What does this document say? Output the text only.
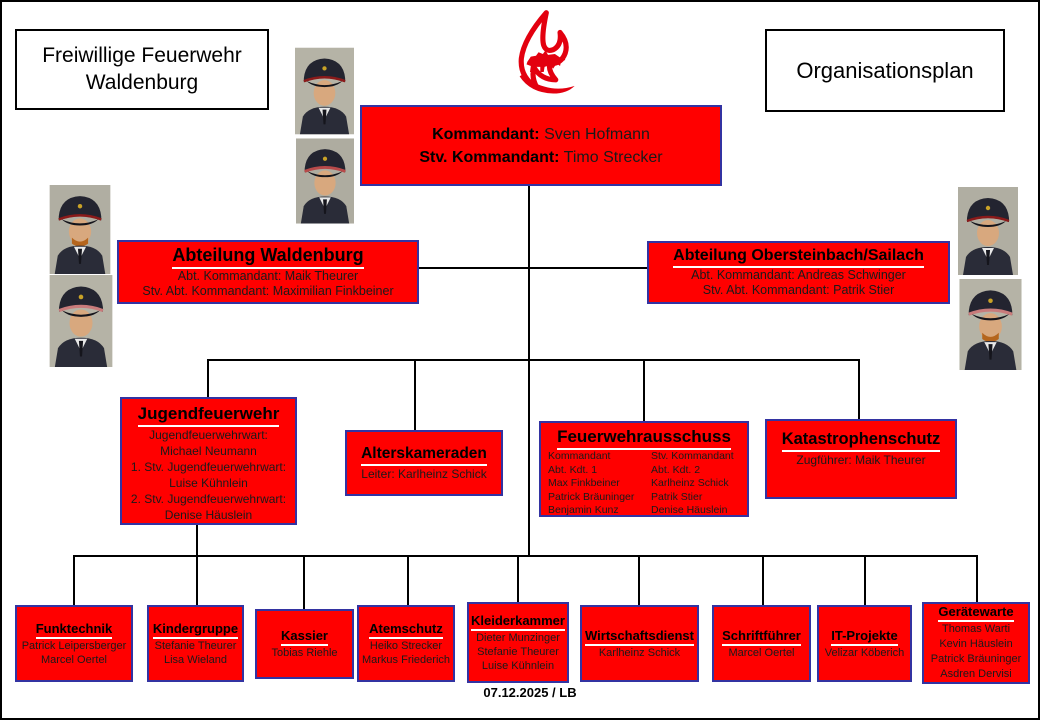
Freiwillige Feuerwehr
Waldenburg	Organisationsplan
Kommandant: Sven Hofmann
Stv. Kommandant: Timo Strecker
Abteilung Waldenburg
Abt. Kommandant: Maik Theurer
Stv. Abt. Kommandant: Maximilian Finkbeiner
Abteilung Obersteinbach/Sailach
Abt. Kommandant: Andreas Schwinger
Stv. Abt. Kommandant: Patrik Stier
Jugendfeuerwehr
Jugendfeuerwehrwart:
Michael Neumann
1. Stv. Jugendfeuerwehrwart:
Luise Kühnlein
2. Stv. Jugendfeuerwehrwart:
Denise Häuslein
Alterskameraden
Leiter: Karlheinz Schick
Feuerwehrausschuss
Kommandant
Abt. Kdt. 1
Max Finkbeiner
Patrick Bräuninger
Benjamin Kunz
Stv. Kommandant
Abt. Kdt. 2
Karlheinz Schick
Patrik Stier
Denise Häuslein
Katastrophenschutz
Zugführer: Maik Theurer
Funktechnik
Patrick Leipersberger
Marcel Oertel
Kindergruppe
Stefanie Theurer
Lisa Wieland
Kassier
Tobias Riehle
Atemschutz
Heiko Strecker
Markus Friederich
Kleiderkammer
Dieter Munzinger
Stefanie Theurer
Luise Kühnlein
Wirtschaftsdienst
Karlheinz Schick
Schriftführer
Marcel Oertel
IT-Projekte
Velizar Köberich
Gerätewarte
Thomas Warti
Kevin Häuslein
Patrick Bräuninger
Asdren Dervisi
07.12.2025 / LB
